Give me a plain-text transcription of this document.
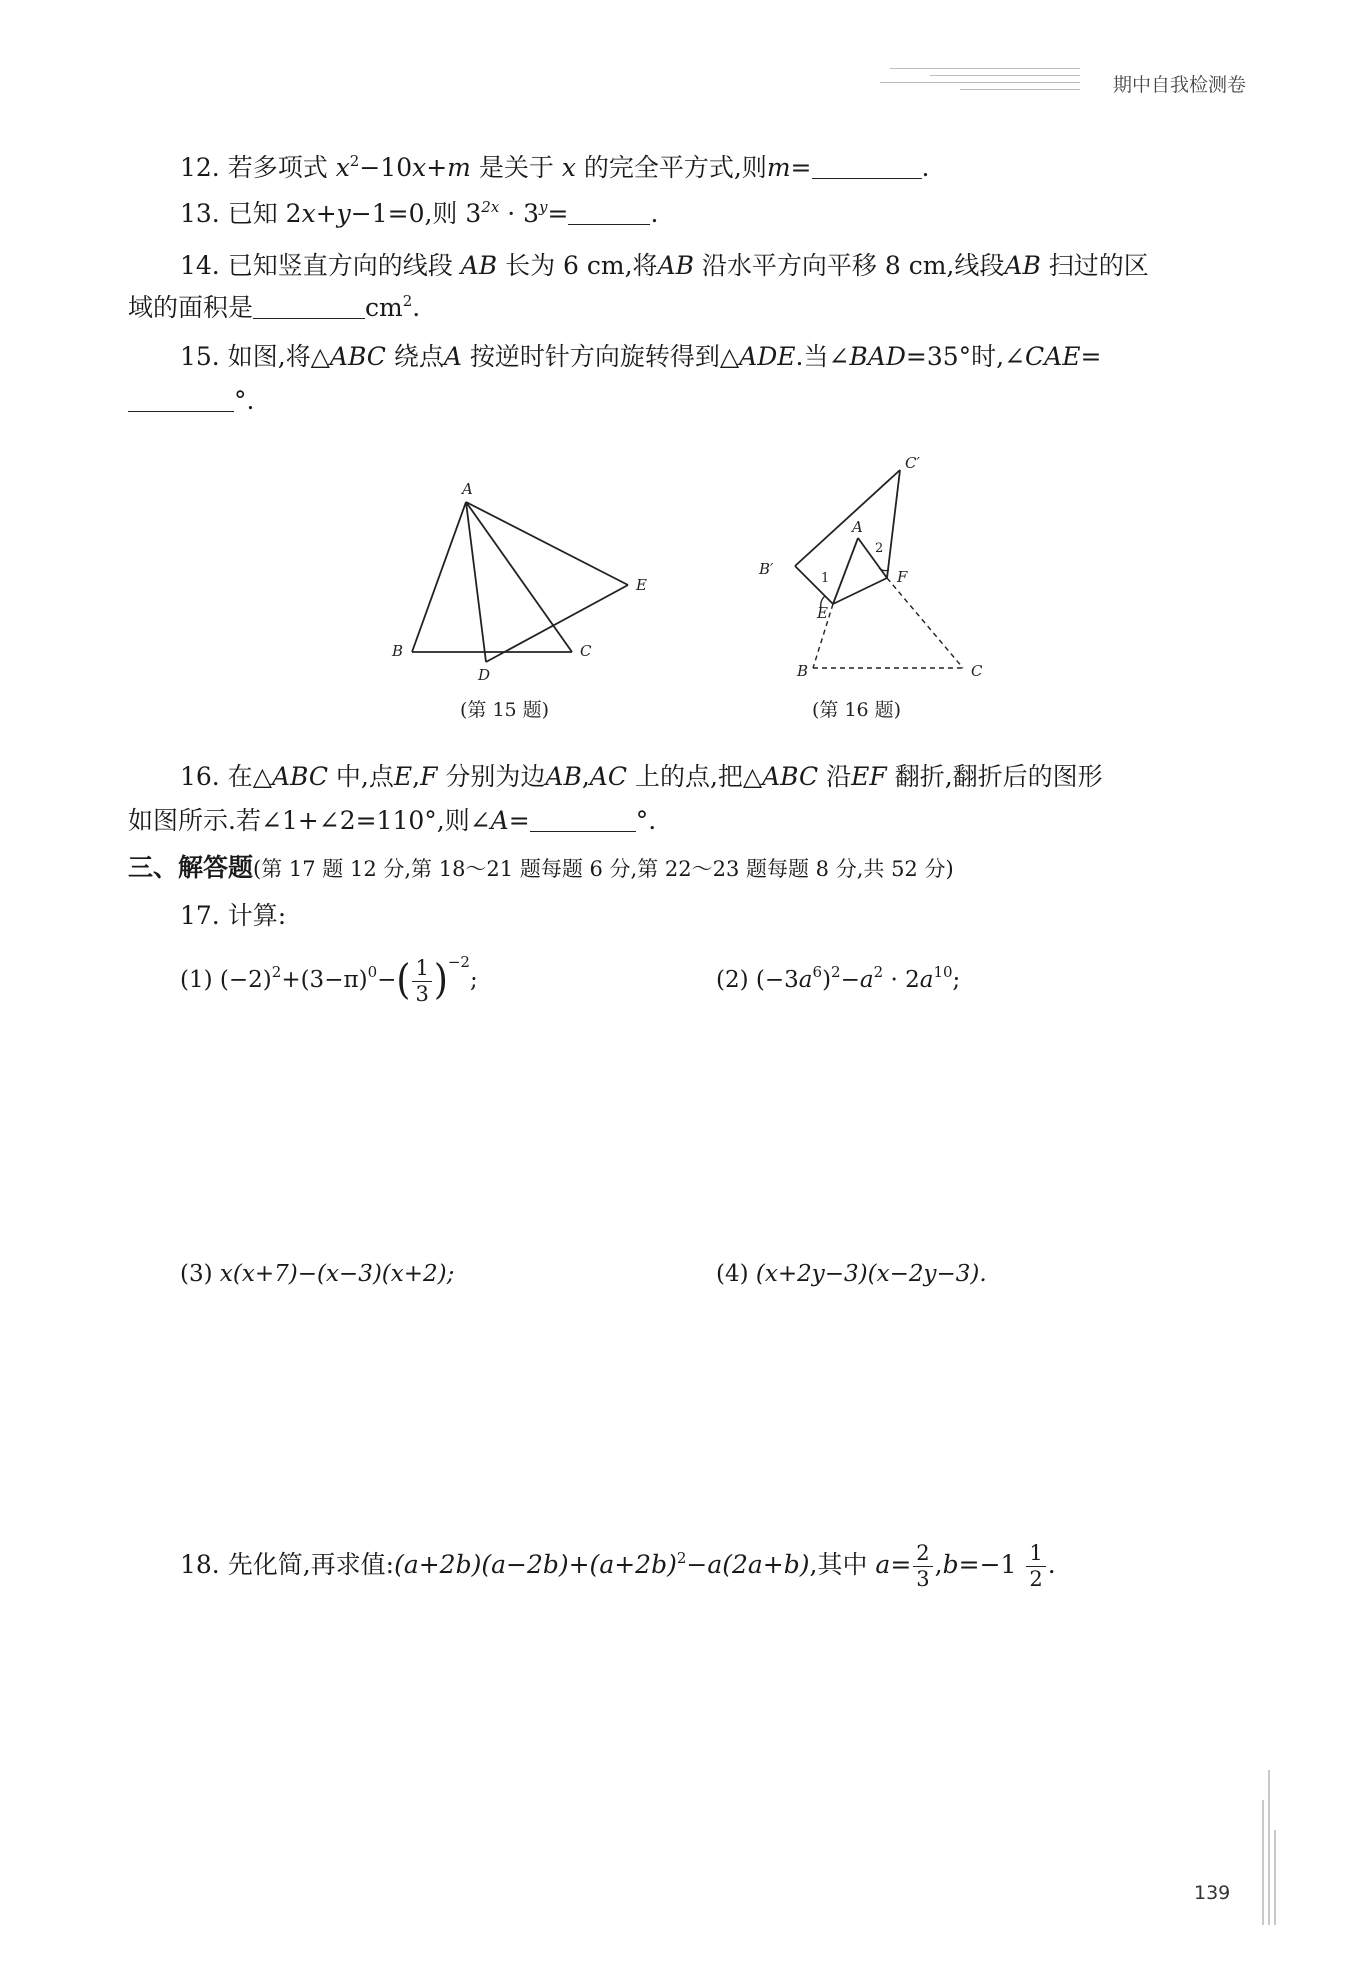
期中自我检测卷
12. 若多项式 $x^2-10x+m$ 是关于 x 的完全平方式,则m=	.
13. 已知 2x+y−1=0,则 $3^{2x} \cdot 3^y=$	.
14. 已知竖直方向的线段 AB 长为 6 cm,将AB 沿水平方向平移 8 cm,线段AB 扫过的区
域的面积是	$cm^2$.
15. 如图,将△ABC 绕点A 按逆时针方向旋转得到△ADE.当∠BAD=35°时,∠CAE=
°.
A
B	C
D
E
(第 15 题)
C′
A
2
B′
1	F
E
B	C
(第 16 题)
16. 在△ABC 中,点E,F 分别为边AB,AC 上的点,把△ABC 沿EF 翻折,翻折后的图形
如图所示.若∠1+∠2=110°,则∠A=	°.
三、解答题(第 17 题 12 分,第 18～21 题每题 6 分,第 22～23 题每题 8 分,共 52 分)
17. 计算:
(1) $(-2)^2+(3-\pi)^0-( \frac{1}{3} )^{-2}$;	(2) $(-3a^6)^2-a^2 \cdot 2a^{10}$;
(3) x(x+7)−(x−3)(x+2);	(4) (x+2y−3)(x−2y−3).
18. 先化简,再求值$:(a+2b)(a-2b)+(a+2b)^2-a(2a+b)$,其中 $a= \frac{2}{3} ,b=-1 \frac{1}{2}$ .
139
